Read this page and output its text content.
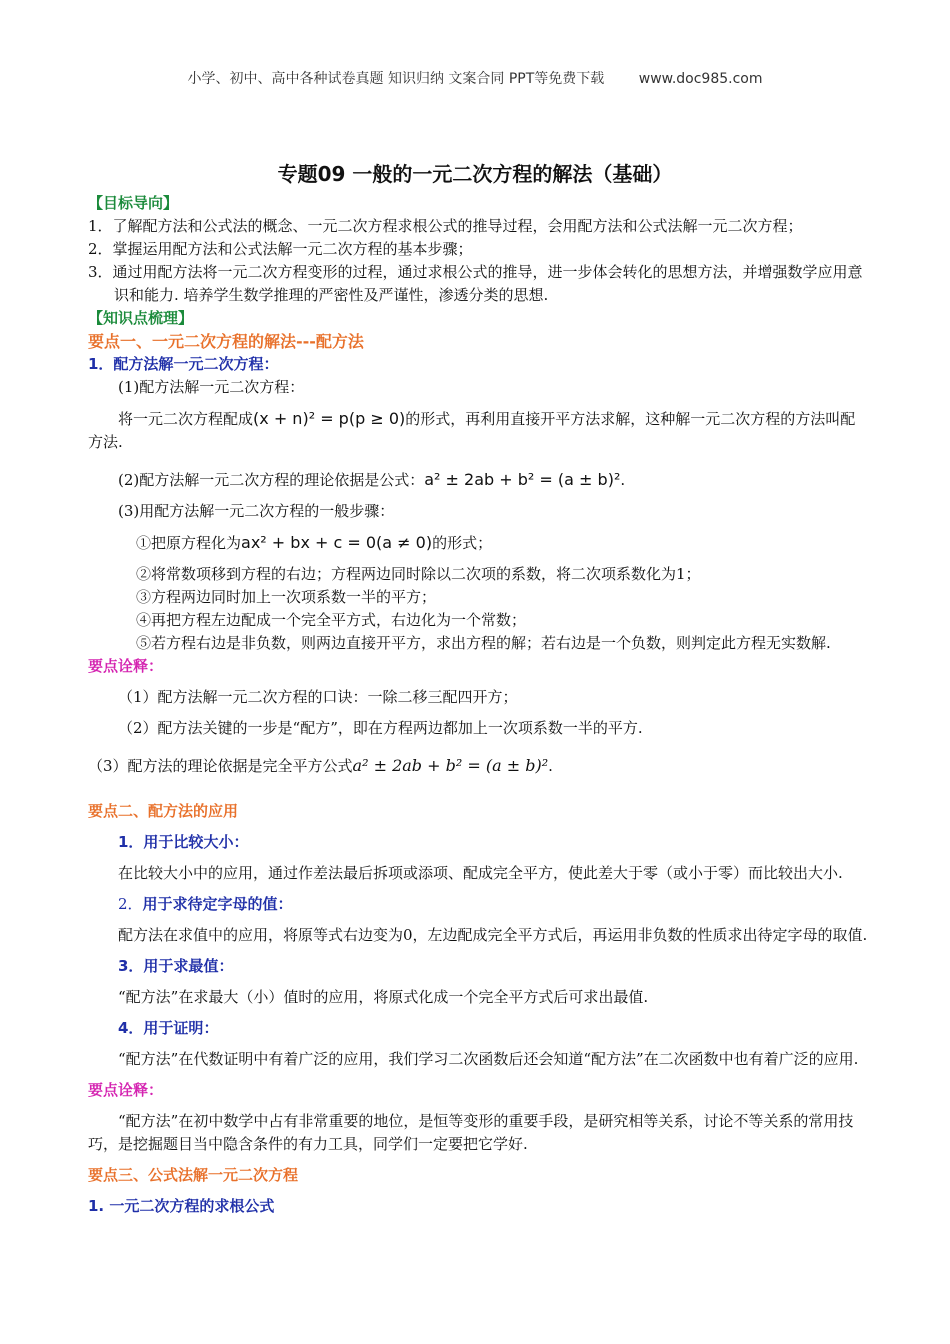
小学、初中、高中各种试卷真题 知识归纳 文案合同 PPT等免费下载 www.doc985.com
专题09 一般的一元二次方程的解法（基础）

【目标导向】

1．了解配方法和公式法的概念、一元二次方程求根公式的推导过程，会用配方法和公式法解一元二次方程；

2．掌握运用配方法和公式法解一元二次方程的基本步骤；

3．通过用配方法将一元二次方程变形的过程，通过求根公式的推导，进一步体会转化的思想方法，并增强数学应用意识和能力. 培养学生数学推理的严密性及严谨性，渗透分类的思想.

【知识点梳理】

要点一、一元二次方程的解法---配方法

1．配方法解一元二次方程：

(1)配方法解一元二次方程：

将一元二次方程配成(x + n)² = p(p ≥ 0)的形式，再利用直接开平方法求解，这种解一元二次方程的方法叫配方法.

(2)配方法解一元二次方程的理论依据是公式：a² ± 2ab + b² = (a ± b)².

(3)用配方法解一元二次方程的一般步骤：

①把原方程化为ax² + bx + c = 0(a ≠ 0)的形式；

②将常数项移到方程的右边；方程两边同时除以二次项的系数，将二次项系数化为1；

③方程两边同时加上一次项系数一半的平方；

④再把方程左边配成一个完全平方式，右边化为一个常数；

⑤若方程右边是非负数，则两边直接开平方，求出方程的解；若右边是一个负数，则判定此方程无实数解.

要点诠释：

（1）配方法解一元二次方程的口诀：一除二移三配四开方；

（2）配方法关键的一步是“配方”，即在方程两边都加上一次项系数一半的平方.

（3）配方法的理论依据是完全平方公式a² ± 2ab + b² = (a ± b)².

要点二、配方法的应用

1．用于比较大小：

在比较大小中的应用，通过作差法最后拆项或添项、配成完全平方，使此差大于零（或小于零）而比较出大小.

2．用于求待定字母的值：

配方法在求值中的应用，将原等式右边变为0，左边配成完全平方式后，再运用非负数的性质求出待定字母的取值.

3．用于求最值：

“配方法”在求最大（小）值时的应用，将原式化成一个完全平方式后可求出最值.

4．用于证明：

“配方法”在代数证明中有着广泛的应用，我们学习二次函数后还会知道“配方法”在二次函数中也有着广泛的应用.

要点诠释：

“配方法”在初中数学中占有非常重要的地位，是恒等变形的重要手段，是研究相等关系，讨论不等关系的常用技巧，是挖掘题目当中隐含条件的有力工具，同学们一定要把它学好.

要点三、公式法解一元二次方程

1. 一元二次方程的求根公式
